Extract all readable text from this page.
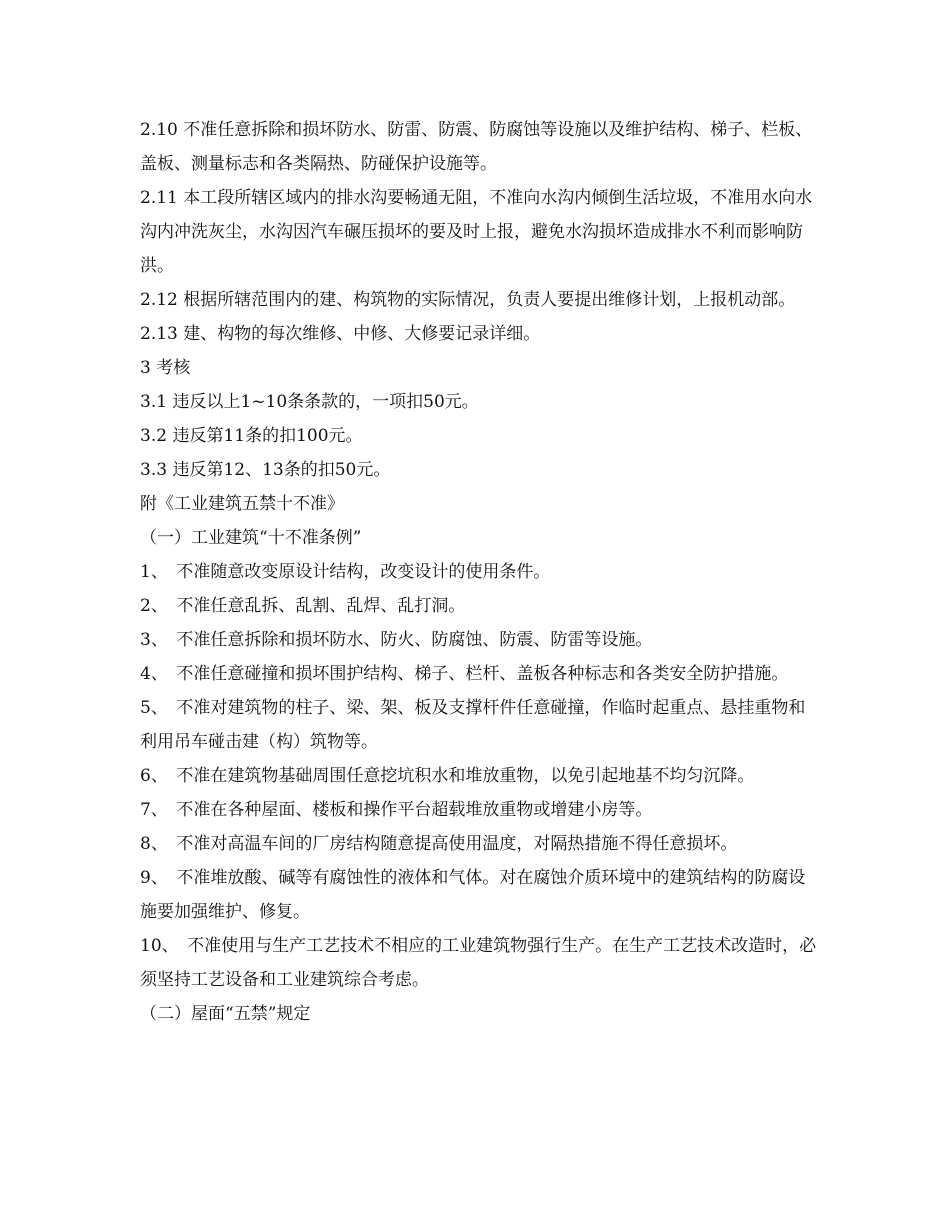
2.10 不准任意拆除和损坏防水、防雷、防震、防腐蚀等设施以及维护结构、梯子、栏板、盖板、测量标志和各类隔热、防碰保护设施等。

2.11 本工段所辖区域内的排水沟要畅通无阻，不准向水沟内倾倒生活垃圾，不准用水向水沟内冲洗灰尘，水沟因汽车碾压损坏的要及时上报，避免水沟损坏造成排水不利而影响防洪。

2.12 根据所辖范围内的建、构筑物的实际情况，负责人要提出维修计划，上报机动部。

2.13 建、构物的每次维修、中修、大修要记录详细。

3 考核

3.1 违反以上1~10条条款的，一项扣50元。

3.2 违反第11条的扣100元。

3.3 违反第12、13条的扣50元。

附《工业建筑五禁十不准》

（一）工业建筑“十不准条例”

1、　不准随意改变原设计结构，改变设计的使用条件。

2、　不准任意乱拆、乱割、乱焊、乱打洞。

3、　不准任意拆除和损坏防水、防火、防腐蚀、防震、防雷等设施。

4、　不准任意碰撞和损坏围护结构、梯子、栏杆、盖板各种标志和各类安全防护措施。

5、　不准对建筑物的柱子、梁、架、板及支撑杆件任意碰撞，作临时起重点、悬挂重物和利用吊车碰击建（构）筑物等。

6、　不准在建筑物基础周围任意挖坑积水和堆放重物，以免引起地基不均匀沉降。

7、　不准在各种屋面、楼板和操作平台超载堆放重物或增建小房等。

8、　不准对高温车间的厂房结构随意提高使用温度，对隔热措施不得任意损坏。

9、　不准堆放酸、碱等有腐蚀性的液体和气体。对在腐蚀介质环境中的建筑结构的防腐设施要加强维护、修复。

10、　不准使用与生产工艺技术不相应的工业建筑物强行生产。在生产工艺技术改造时，必须坚持工艺设备和工业建筑综合考虑。

（二）屋面“五禁”规定
